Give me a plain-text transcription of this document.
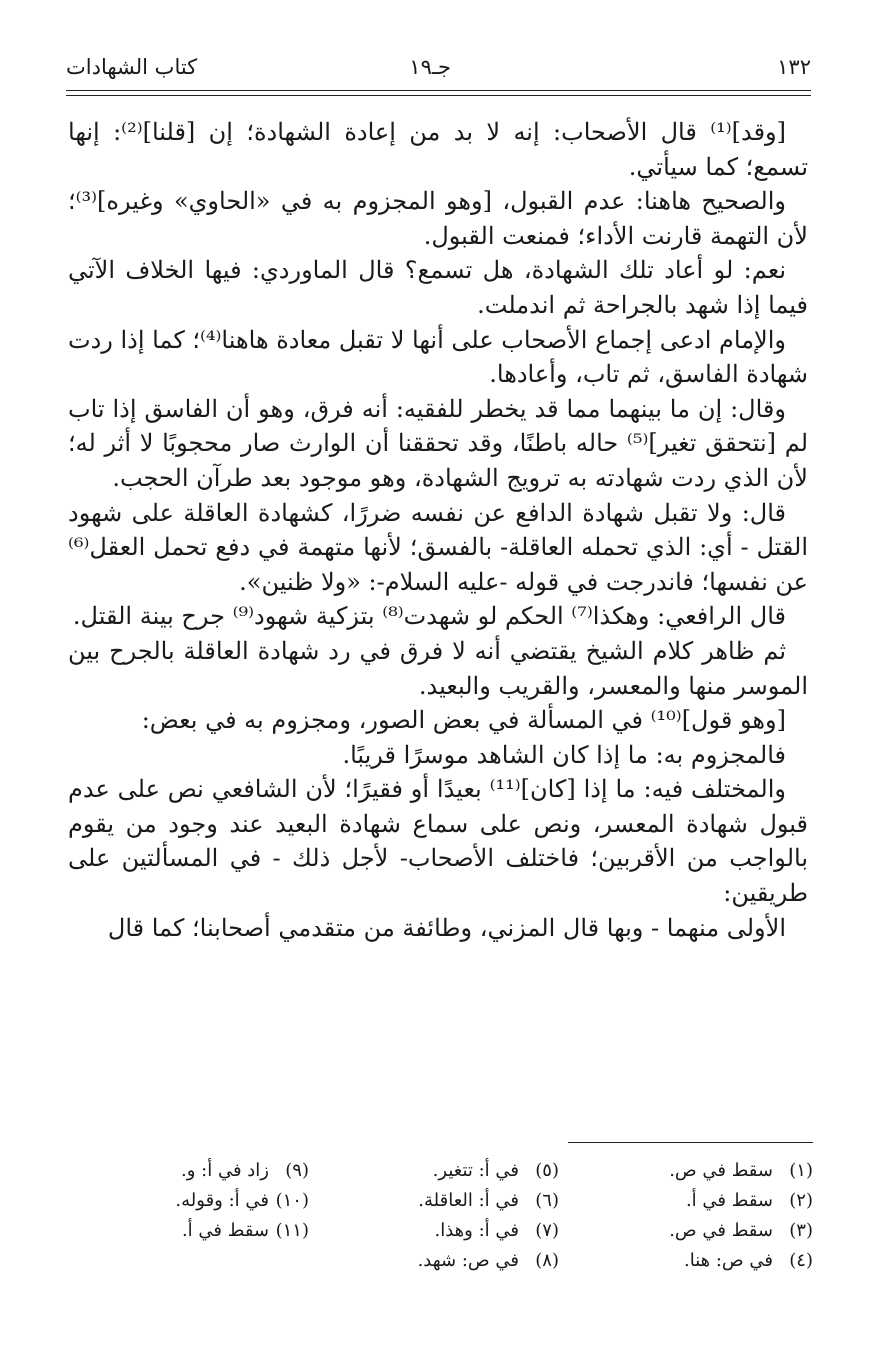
١٣٢
جـ١٩
كتاب الشهادات

[وقد]⁽¹⁾ قال الأصحاب: إنه لا بد من إعادة الشهادة؛ إن [قلنا]⁽²⁾: إنها تسمع؛ كما سيأتي.

والصحيح هاهنا: عدم القبول، [وهو المجزوم به في «الحاوي» وغيره]⁽³⁾؛ لأن التهمة قارنت الأداء؛ فمنعت القبول.

نعم: لو أعاد تلك الشهادة، هل تسمع؟ قال الماوردي: فيها الخلاف الآتي فيما إذا شهد بالجراحة ثم اندملت.

والإمام ادعى إجماع الأصحاب على أنها لا تقبل معادة هاهنا⁽⁴⁾؛ كما إذا ردت شهادة الفاسق، ثم تاب، وأعادها.

وقال: إن ما بينهما مما قد يخطر للفقيه: أنه فرق، وهو أن الفاسق إذا تاب لم [نتحقق تغير]⁽⁵⁾ حاله باطنًا، وقد تحققنا أن الوارث صار محجوبًا لا أثر له؛ لأن الذي ردت شهادته به ترويج الشهادة، وهو موجود بعد طرآن الحجب.

قال: ولا تقبل شهادة الدافع عن نفسه ضررًا، كشهادة العاقلة على شهود القتل - أي: الذي تحمله العاقلة- بالفسق؛ لأنها متهمة في دفع تحمل العقل⁽⁶⁾ عن نفسها؛ فاندرجت في قوله -عليه السلام-: «ولا ظنين».

قال الرافعي: وهكذا⁽⁷⁾ الحكم لو شهدت⁽⁸⁾ بتزكية شهود⁽⁹⁾ جرح بينة القتل.

ثم ظاهر كلام الشيخ يقتضي أنه لا فرق في رد شهادة العاقلة بالجرح بين الموسر منها والمعسر، والقريب والبعيد.

[وهو قول]⁽¹⁰⁾ في المسألة في بعض الصور، ومجزوم به في بعض:

فالمجزوم به: ما إذا كان الشاهد موسرًا قريبًا.

والمختلف فيه: ما إذا [كان]⁽¹¹⁾ بعيدًا أو فقيرًا؛ لأن الشافعي نص على عدم قبول شهادة المعسر، ونص على سماع شهادة البعيد عند وجود من يقوم بالواجب من الأقربين؛ فاختلف الأصحاب- لأجل ذلك - في المسألتين على طريقين:

الأولى منهما - وبها قال المزني، وطائفة من متقدمي أصحابنا؛ كما قال

(١)سقط في ص.
(٢)سقط في أ.
(٣)سقط في ص.
(٤)في ص: هنا.
(٥)في أ: تتغير.
(٦)في أ: العاقلة.
(٧)في أ: وهذا.
(٨)في ص: شهد.
(٩)زاد في أ: و.
(١٠)في أ: وقوله.
(١١)سقط في أ.
